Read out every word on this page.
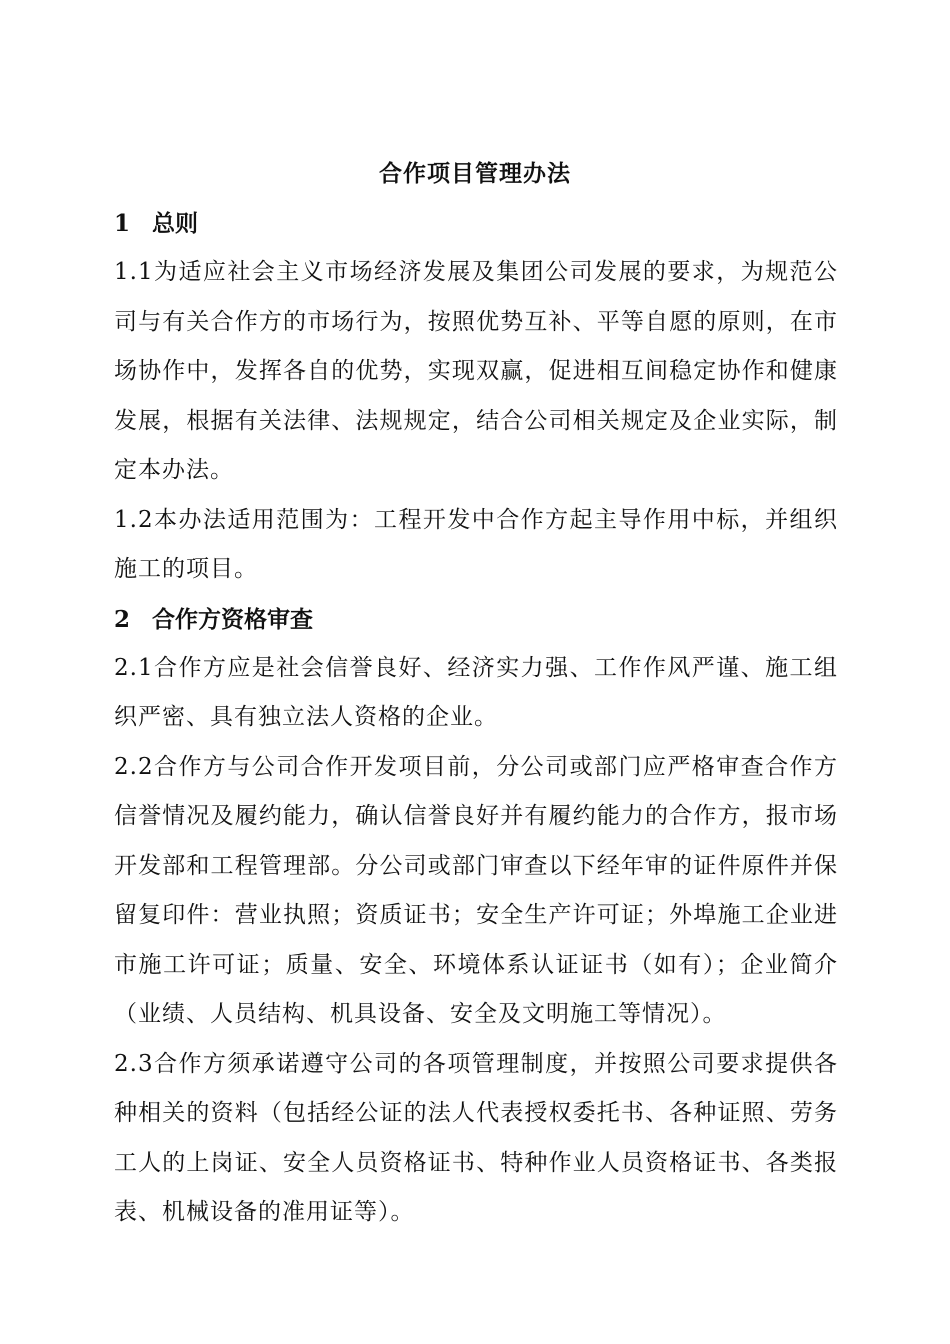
合作项目管理办法
1 总则

1.1为适应社会主义市场经济发展及集团公司发展的要求，为规范公司与有关合作方的市场行为，按照优势互补、平等自愿的原则，在市场协作中，发挥各自的优势，实现双赢，促进相互间稳定协作和健康发展，根据有关法律、法规规定，结合公司相关规定及企业实际，制定本办法。

1.2本办法适用范围为：工程开发中合作方起主导作用中标，并组织施工的项目。

2 合作方资格审查

2.1合作方应是社会信誉良好、经济实力强、工作作风严谨、施工组织严密、具有独立法人资格的企业。

2.2合作方与公司合作开发项目前，分公司或部门应严格审查合作方信誉情况及履约能力，确认信誉良好并有履约能力的合作方，报市场开发部和工程管理部。分公司或部门审查以下经年审的证件原件并保留复印件：营业执照；资质证书；安全生产许可证；外埠施工企业进市施工许可证；质量、安全、环境体系认证证书（如有）；企业简介（业绩、人员结构、机具设备、安全及文明施工等情况）。

2.3合作方须承诺遵守公司的各项管理制度，并按照公司要求提供各种相关的资料（包括经公证的法人代表授权委托书、各种证照、劳务工人的上岗证、安全人员资格证书、特种作业人员资格证书、各类报表、机械设备的准用证等）。
